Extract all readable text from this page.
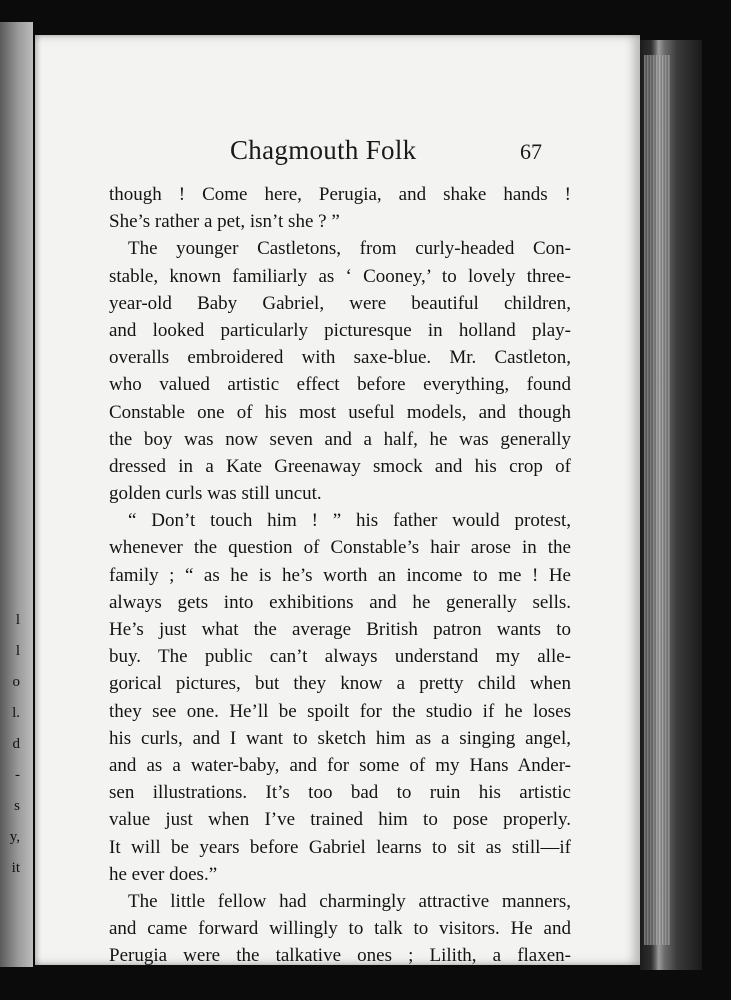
l
l
o
l.
d
-
s
y,
it
Chagmouth Folk	67
though ! Come here, Perugia, and shake hands !
She’s rather a pet, isn’t she ? ”
The younger Castletons, from curly-headed Con-
stable, known familiarly as ‘ Cooney,’ to lovely three-
year-old Baby Gabriel, were beautiful children,
and looked particularly picturesque in holland play-
overalls embroidered with saxe-blue. Mr. Castleton,
who valued artistic effect before everything, found
Constable one of his most useful models, and though
the boy was now seven and a half, he was generally
dressed in a Kate Greenaway smock and his crop of
golden curls was still uncut.
“ Don’t touch him ! ” his father would protest,
whenever the question of Constable’s hair arose in the
family ; “ as he is he’s worth an income to me ! He
always gets into exhibitions and he generally sells.
He’s just what the average British patron wants to
buy. The public can’t always understand my alle-
gorical pictures, but they know a pretty child when
they see one. He’ll be spoilt for the studio if he loses
his curls, and I want to sketch him as a singing angel,
and as a water-baby, and for some of my Hans Ander-
sen illustrations. It’s too bad to ruin his artistic
value just when I’ve trained him to pose properly.
It will be years before Gabriel learns to sit as still—if
he ever does.”
The little fellow had charmingly attractive manners,
and came forward willingly to talk to visitors. He and
Perugia were the talkative ones ; Lilith, a flaxen-
